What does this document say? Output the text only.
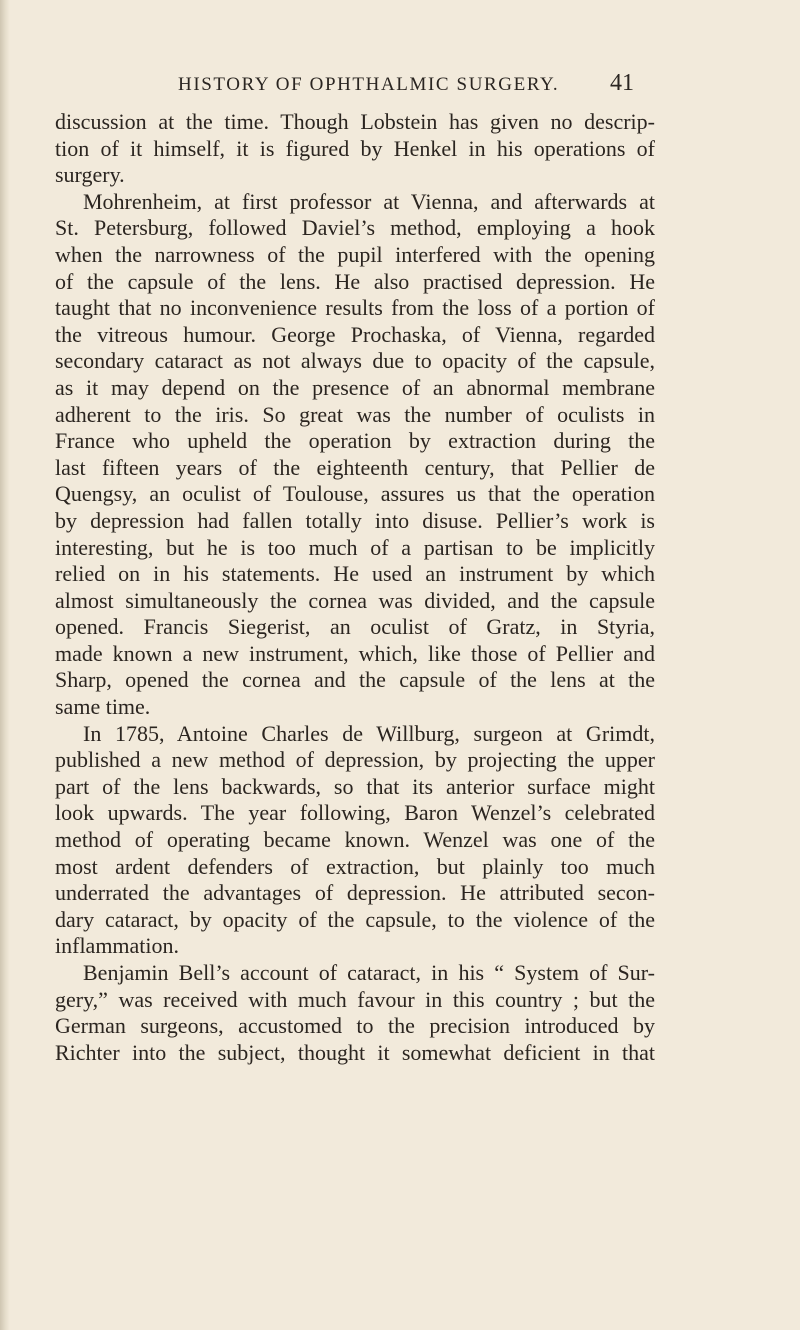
HISTORY OF OPHTHALMIC SURGERY.	41
discussion at the time. Though Lobstein has given no descrip-
tion of it himself, it is figured by Henkel in his operations of
surgery.
Mohrenheim, at first professor at Vienna, and afterwards at
St. Petersburg, followed Daviel’s method, employing a hook
when the narrowness of the pupil interfered with the opening
of the capsule of the lens. He also practised depression. He
taught that no inconvenience results from the loss of a portion of
the vitreous humour. George Prochaska, of Vienna, regarded
secondary cataract as not always due to opacity of the capsule,
as it may depend on the presence of an abnormal membrane
adherent to the iris. So great was the number of oculists in
France who upheld the operation by extraction during the
last fifteen years of the eighteenth century, that Pellier de
Quengsy, an oculist of Toulouse, assures us that the operation
by depression had fallen totally into disuse. Pellier’s work is
interesting, but he is too much of a partisan to be implicitly
relied on in his statements. He used an instrument by which
almost simultaneously the cornea was divided, and the capsule
opened. Francis Siegerist, an oculist of Gratz, in Styria,
made known a new instrument, which, like those of Pellier and
Sharp, opened the cornea and the capsule of the lens at the
same time.
In 1785, Antoine Charles de Willburg, surgeon at Grimdt,
published a new method of depression, by projecting the upper
part of the lens backwards, so that its anterior surface might
look upwards. The year following, Baron Wenzel’s celebrated
method of operating became known. Wenzel was one of the
most ardent defenders of extraction, but plainly too much
underrated the advantages of depression. He attributed secon-
dary cataract, by opacity of the capsule, to the violence of the
inflammation.
Benjamin Bell’s account of cataract, in his “ System of Sur-
gery,” was received with much favour in this country ; but the
German surgeons, accustomed to the precision introduced by
Richter into the subject, thought it somewhat deficient in that
